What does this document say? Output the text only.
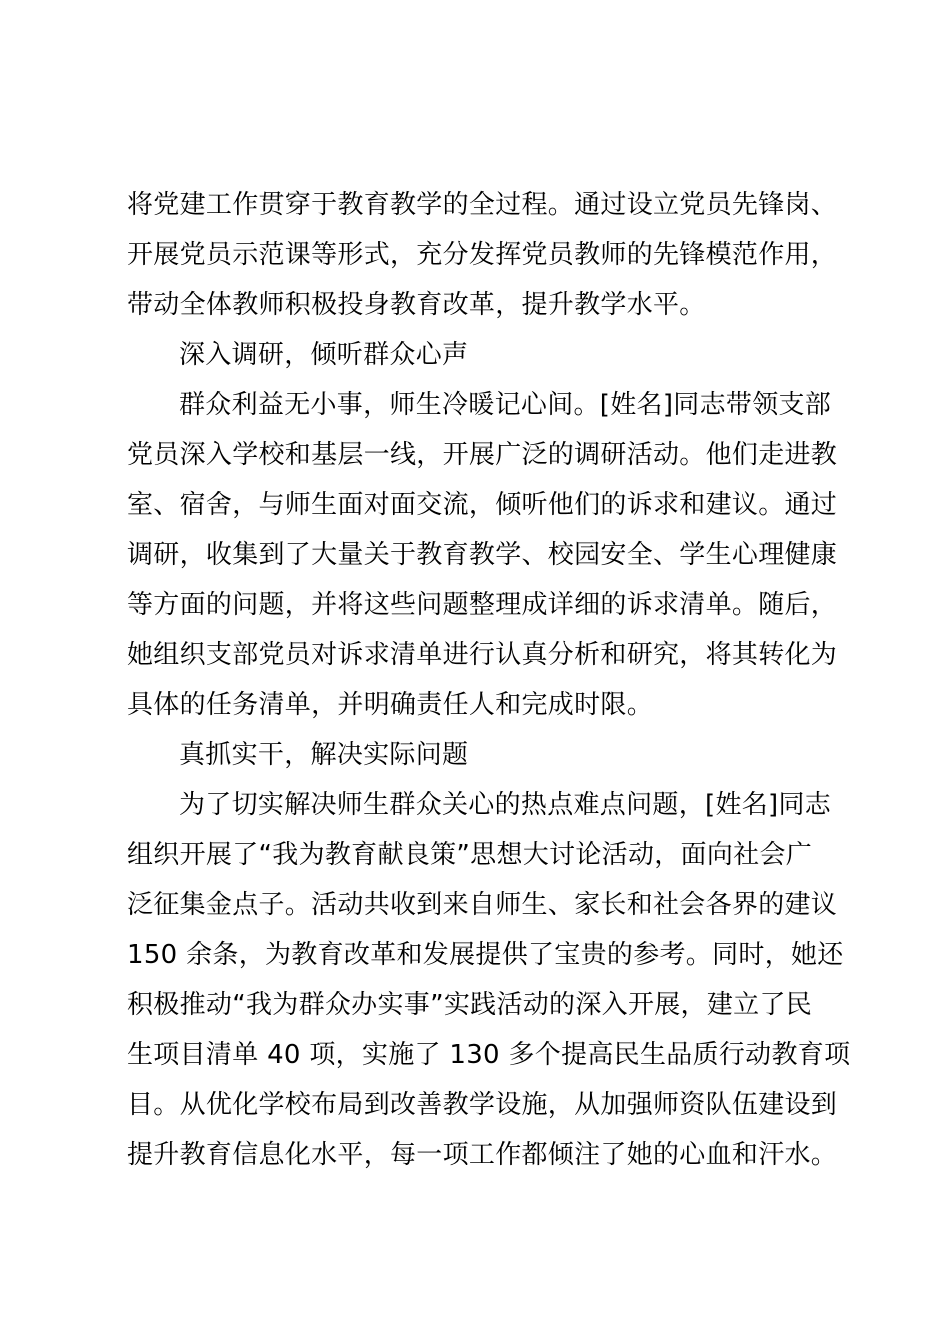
将党建工作贯穿于教育教学的全过程。通过设立党员先锋岗、
开展党员示范课等形式，充分发挥党员教师的先锋模范作用，
带动全体教师积极投身教育改革，提升教学水平。
深入调研，倾听群众心声
群众利益无小事，师生冷暖记心间。[姓名]同志带领支部
党员深入学校和基层一线，开展广泛的调研活动。他们走进教
室、宿舍，与师生面对面交流，倾听他们的诉求和建议。通过
调研，收集到了大量关于教育教学、校园安全、学生心理健康
等方面的问题，并将这些问题整理成详细的诉求清单。随后，
她组织支部党员对诉求清单进行认真分析和研究，将其转化为
具体的任务清单，并明确责任人和完成时限。
真抓实干，解决实际问题
为了切实解决师生群众关心的热点难点问题，[姓名]同志
组织开展了“我为教育献良策”思想大讨论活动，面向社会广
泛征集金点子。活动共收到来自师生、家长和社会各界的建议
150 余条，为教育改革和发展提供了宝贵的参考。同时，她还
积极推动“我为群众办实事”实践活动的深入开展，建立了民
生项目清单 40 项，实施了 130 多个提高民生品质行动教育项
目。从优化学校布局到改善教学设施，从加强师资队伍建设到
提升教育信息化水平，每一项工作都倾注了她的心血和汗水。
